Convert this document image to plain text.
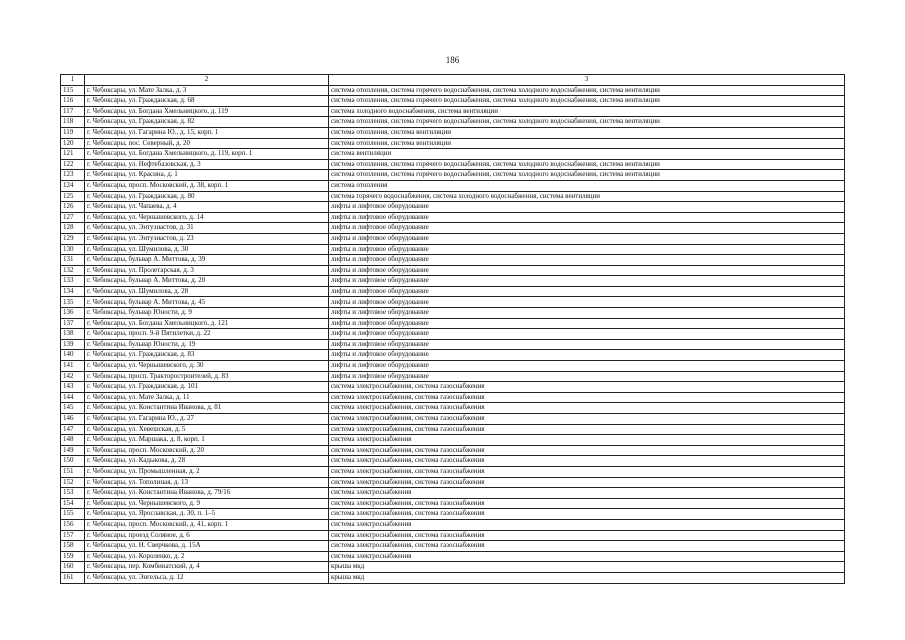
186
1	2	3
115	г. Чебоксары, ул. Мате Залка, д. 3	система отопления, система горячего водоснабжения, система холодного водоснабжения, система вентиляции
116	г. Чебоксары, ул. Гражданская, д. 68	система отопления, система горячего водоснабжения, система холодного водоснабжения, система вентиляции
117	г. Чебоксары, ул. Богдана Хмельницкого, д. 119	система холодного водоснабжения, система вентиляции
118	г. Чебоксары, ул. Гражданская, д. 82	система отопления, система горячего водоснабжения, система холодного водоснабжения, система вентиляции
119	г. Чебоксары, ул. Гагарина Ю., д. 15, корп. 1	система отопления, система вентиляции
120	г. Чебоксары, пос. Северный, д. 20	система отопления, система вентиляции
121	г. Чебоксары, ул. Богдана Хмельницкого, д. 119, корп. 1	система вентиляции
122	г. Чебоксары, ул. Нефтебазовская, д. 3	система отопления, система горячего водоснабжения, система холодного водоснабжения, система вентиляции
123	г. Чебоксары, ул. Красина, д. 1	система отопления, система горячего водоснабжения, система холодного водоснабжения, система вентиляции
124	г. Чебоксары, просп. Московский, д. 38, корп. 1	система отопления
125	г. Чебоксары, ул. Гражданская, д. 80	система горячего водоснабжения, система холодного водоснабжения, система вентиляции
126	г. Чебоксары, ул. Чапаева, д. 4	лифты и лифтовое оборудование
127	г. Чебоксары, ул. Чернышевского, д. 14	лифты и лифтовое оборудование
128	г. Чебоксары, ул. Энтузиастов, д. 31	лифты и лифтовое оборудование
129	г. Чебоксары, ул. Энтузиастов, д. 23	лифты и лифтовое оборудование
130	г. Чебоксары, ул. Шумилова, д. 30	лифты и лифтовое оборудование
131	г. Чебоксары, бульвар А. Миттова, д. 39	лифты и лифтовое оборудование
132	г. Чебоксары, ул. Пролетарская, д. 3	лифты и лифтовое оборудование
133	г. Чебоксары, бульвар А. Миттова, д. 20	лифты и лифтовое оборудование
134	г. Чебоксары, ул. Шумилова, д. 28	лифты и лифтовое оборудование
135	г. Чебоксары, бульвар А. Миттова, д. 45	лифты и лифтовое оборудование
136	г. Чебоксары, бульвар Юности, д. 9	лифты и лифтовое оборудование
137	г. Чебоксары, ул. Богдана Хмельницкого, д. 121	лифты и лифтовое оборудование
138	г. Чебоксары, просп. 9-й Пятилетки, д. 22	лифты и лифтовое оборудование
139	г. Чебоксары, бульвар Юности, д. 19	лифты и лифтовое оборудование
140	г. Чебоксары, ул. Гражданская, д. 83	лифты и лифтовое оборудование
141	г. Чебоксары, ул. Чернышевского, д. 30	лифты и лифтовое оборудование
142	г. Чебоксары, просп. Тракторостроителей, д. 83	лифты и лифтовое оборудование
143	г. Чебоксары, ул. Гражданская, д. 101	система электроснабжения, система газоснабжения
144	г. Чебоксары, ул. Мате Залка, д. 11	система электроснабжения, система газоснабжения
145	г. Чебоксары, ул. Константина Иванова, д. 81	система электроснабжения, система газоснабжения
146	г. Чебоксары, ул. Гагарина Ю., д. 27	система электроснабжения, система газоснабжения
147	г. Чебоксары, ул. Хевешская, д. 5	система электроснабжения, система газоснабжения
148	г. Чебоксары, ул. Маршака, д. 8, корп. 1	система электроснабжения
149	г. Чебоксары, просп. Московский, д. 20	система электроснабжения, система газоснабжения
150	г. Чебоксары, ул. Кадыкова, д. 28	система электроснабжения, система газоснабжения
151	г. Чебоксары, ул. Промышленная, д. 2	система электроснабжения, система газоснабжения
152	г. Чебоксары, ул. Тополиная, д. 13	система электроснабжения, система газоснабжения
153	г. Чебоксары, ул. Константина Иванова, д. 79/16	система электроснабжения
154	г. Чебоксары, ул. Чернышевского, д. 9	система электроснабжения, система газоснабжения
155	г. Чебоксары, ул. Ярославская, д. 30, п. 1–5	система электроснабжения, система газоснабжения
156	г. Чебоксары, просп. Московский, д. 41, корп. 1	система электроснабжения
157	г. Чебоксары, проезд Соляное, д. 6	система электроснабжения, система газоснабжения
158	г. Чебоксары, ул. Н. Сверчкова, д. 15А	система электроснабжения, система газоснабжения
159	г. Чебоксары, ул. Короленко, д. 2	система электроснабжения
160	г. Чебоксары, пер. Комбинатский, д. 4	крыша мкд
161	г. Чебоксары, ул. Энгельса, д. 12	крыша мкд
